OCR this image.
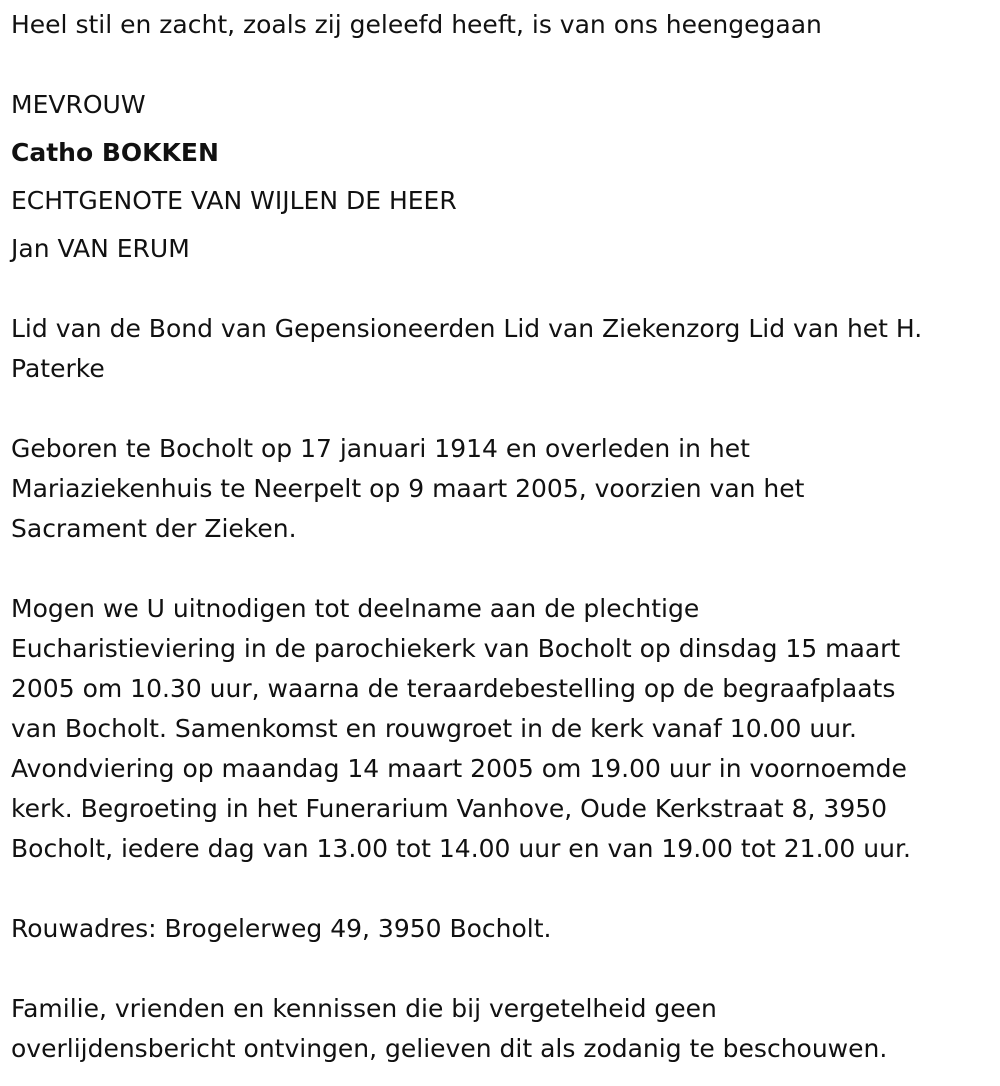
Heel stil en zacht, zoals zij geleefd heeft, is van ons heengegaan
MEVROUW
Catho BOKKEN
ECHTGENOTE VAN WIJLEN DE HEER
Jan VAN ERUM
Lid van de Bond van Gepensioneerden Lid van Ziekenzorg Lid van het H.
Paterke
Geboren te Bocholt op 17 januari 1914 en overleden in het
Mariaziekenhuis te Neerpelt op 9 maart 2005, voorzien van het
Sacrament der Zieken.
Mogen we U uitnodigen tot deelname aan de plechtige
Eucharistieviering in de parochiekerk van Bocholt op dinsdag 15 maart
2005 om 10.30 uur, waarna de teraardebestelling op de begraafplaats
van Bocholt. Samenkomst en rouwgroet in de kerk vanaf 10.00 uur.
Avondviering op maandag 14 maart 2005 om 19.00 uur in voornoemde
kerk. Begroeting in het Funerarium Vanhove, Oude Kerkstraat 8, 3950
Bocholt, iedere dag van 13.00 tot 14.00 uur en van 19.00 tot 21.00 uur.
Rouwadres: Brogelerweg 49, 3950 Bocholt.
Familie, vrienden en kennissen die bij vergetelheid geen
overlijdensbericht ontvingen, gelieven dit als zodanig te beschouwen.
